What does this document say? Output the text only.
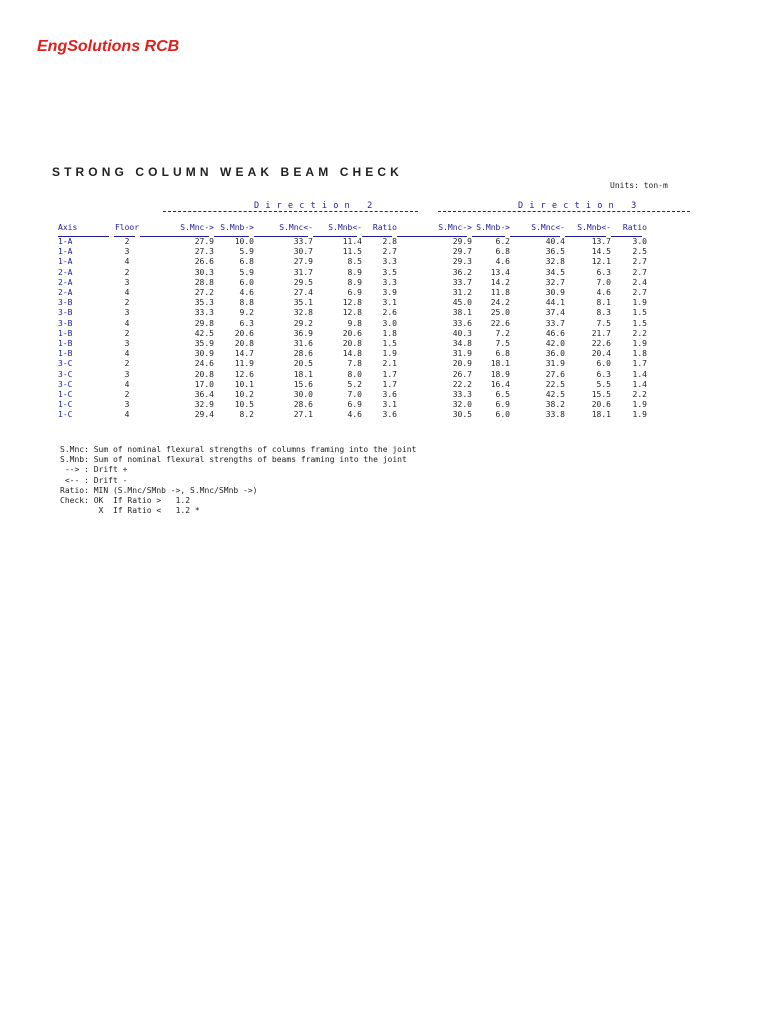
EngSolutions RCB
STRONG COLUMN WEAK BEAM CHECK
Units: ton-m
Direction 2	Direction 3
Axis	Floor	S.Mnc->	S.Mnb->	S.Mnc<-	S.Mnb<-	Ratio	S.Mnc->	S.Mnb->	S.Mnc<-	S.Mnb<-	Ratio

1-A	2	27.9	10.0	33.7	11.4	2.8	29.9	6.2	40.4	13.7	3.0
1-A	3	27.3	5.9	30.7	11.5	2.7	29.7	6.8	36.5	14.5	2.5
1-A	4	26.6	6.8	27.9	8.5	3.3	29.3	4.6	32.8	12.1	2.7
2-A	2	30.3	5.9	31.7	8.9	3.5	36.2	13.4	34.5	6.3	2.7
2-A	3	28.8	6.0	29.5	8.9	3.3	33.7	14.2	32.7	7.0	2.4
2-A	4	27.2	4.6	27.4	6.9	3.9	31.2	11.8	30.9	4.6	2.7
3-B	2	35.3	8.8	35.1	12.8	3.1	45.0	24.2	44.1	8.1	1.9
3-B	3	33.3	9.2	32.8	12.8	2.6	38.1	25.0	37.4	8.3	1.5
3-B	4	29.8	6.3	29.2	9.8	3.0	33.6	22.6	33.7	7.5	1.5
1-B	2	42.5	20.6	36.9	20.6	1.8	40.3	7.2	46.6	21.7	2.2
1-B	3	35.9	20.8	31.6	20.8	1.5	34.8	7.5	42.0	22.6	1.9
1-B	4	30.9	14.7	28.6	14.8	1.9	31.9	6.8	36.0	20.4	1.8
3-C	2	24.6	11.9	20.5	7.8	2.1	20.9	18.1	31.9	6.0	1.7
3-C	3	20.8	12.6	18.1	8.0	1.7	26.7	18.9	27.6	6.3	1.4
3-C	4	17.0	10.1	15.6	5.2	1.7	22.2	16.4	22.5	5.5	1.4
1-C	2	36.4	10.2	30.0	7.0	3.6	33.3	6.5	42.5	15.5	2.2
1-C	3	32.9	10.5	28.6	6.9	3.1	32.0	6.9	38.2	20.6	1.9
1-C	4	29.4	8.2	27.1	4.6	3.6	30.5	6.0	33.8	18.1	1.9
S.Mnc: Sum of nominal flexural strengths of columns framing into the joint
S.Mnb: Sum of nominal flexural strengths of beams framing into the joint
--> : Drift +
<-- : Drift -
Ratio: MIN (S.Mnc/SMnb ->, S.Mnc/SMnb ->)
Check: OK  If Ratio >   1.2
X  If Ratio <   1.2 *
